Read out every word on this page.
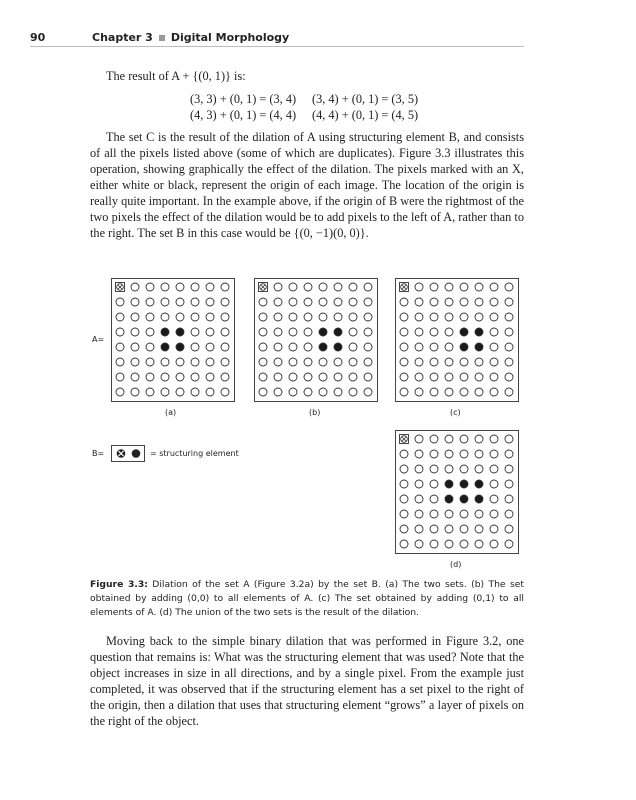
90	Chapter 3 Digital Morphology

The result of A + {(0, 1)} is:

(3, 3) + (0, 1) = (3, 4) (3, 4) + (0, 1) = (3, 5)
(4, 3) + (0, 1) = (4, 4) (4, 4) + (0, 1) = (4, 5)

The set C is the result of the dilation of A using structuring element B, and consists of all the pixels listed above (some of which are duplicates). Figure 3.3 illustrates this operation, showing graphically the effect of the dilation. The pixels marked with an X, either white or black, represent the origin of each image. The location of the origin is really quite important. In the example above, if the origin of B were the rightmost of the two pixels the effect of the dilation would be to add pixels to the left of A, rather than to the right. The set B in this case would be {(0, −1)(0, 0)}.

A=
(a)	(b)	(c)
(d)
B=	= structuring element

Figure 3.3: Dilation of the set A (Figure 3.2a) by the set B. (a) The two sets. (b) The set obtained by adding (0,0) to all elements of A. (c) The set obtained by adding (0,1) to all elements of A. (d) The union of the two sets is the result of the dilation.

Moving back to the simple binary dilation that was performed in Figure 3.2, one question that remains is: What was the structuring element that was used? Note that the object increases in size in all directions, and by a single pixel. From the example just completed, it was observed that if the structuring element has a set pixel to the right of the origin, then a dilation that uses that structuring element “grows” a layer of pixels on the right of the object.
